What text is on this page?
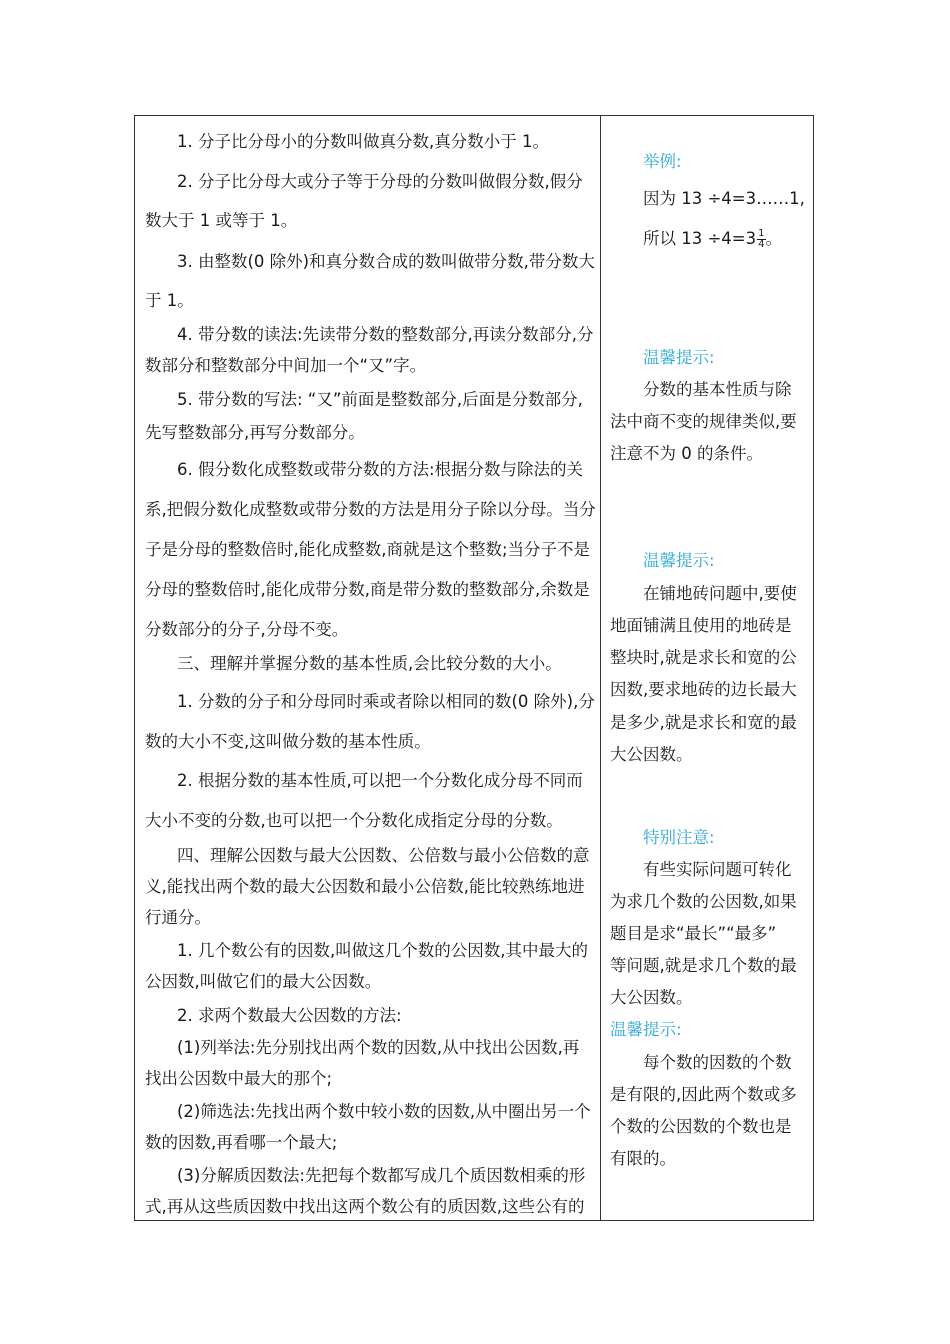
1. 分子比分母小的分数叫做真分数,真分数小于 1。
2. 分子比分母大或分子等于分母的分数叫做假分数,假分
数大于 1 或等于 1。
3. 由整数(0 除外)和真分数合成的数叫做带分数,带分数大
于 1。
4. 带分数的读法:先读带分数的整数部分,再读分数部分,分
数部分和整数部分中间加一个“又”字。
5. 带分数的写法: “又”前面是整数部分,后面是分数部分,
先写整数部分,再写分数部分。
6. 假分数化成整数或带分数的方法:根据分数与除法的关
系,把假分数化成整数或带分数的方法是用分子除以分母。当分
子是分母的整数倍时,能化成整数,商就是这个整数;当分子不是
分母的整数倍时,能化成带分数,商是带分数的整数部分,余数是
分数部分的分子,分母不变。
三、理解并掌握分数的基本性质,会比较分数的大小。
1. 分数的分子和分母同时乘或者除以相同的数(0 除外),分
数的大小不变,这叫做分数的基本性质。
2. 根据分数的基本性质,可以把一个分数化成分母不同而
大小不变的分数,也可以把一个分数化成指定分母的分数。
四、理解公因数与最大公因数、公倍数与最小公倍数的意
义,能找出两个数的最大公因数和最小公倍数,能比较熟练地进
行通分。
1. 几个数公有的因数,叫做这几个数的公因数,其中最大的
公因数,叫做它们的最大公因数。
2. 求两个数最大公因数的方法:
(1)列举法:先分别找出两个数的因数,从中找出公因数,再
找出公因数中最大的那个;
(2)筛选法:先找出两个数中较小数的因数,从中圈出另一个
数的因数,再看哪一个最大;
(3)分解质因数法:先把每个数都写成几个质因数相乘的形
式,再从这些质因数中找出这两个数公有的质因数,这些公有的
举例:
因为 13 ÷4=3……1,
所以 $13 \div 4=3 \frac{1}{4}$ 。
温馨提示:
分数的基本性质与除
法中商不变的规律类似,要
注意不为 0 的条件。
温馨提示:
在铺地砖问题中,要使
地面铺满且使用的地砖是
整块时,就是求长和宽的公
因数,要求地砖的边长最大
是多少,就是求长和宽的最
大公因数。
特别注意:
有些实际问题可转化
为求几个数的公因数,如果
题目是求“最长”“最多”
等问题,就是求几个数的最
大公因数。
温馨提示:
每个数的因数的个数
是有限的,因此两个数或多
个数的公因数的个数也是
有限的。
